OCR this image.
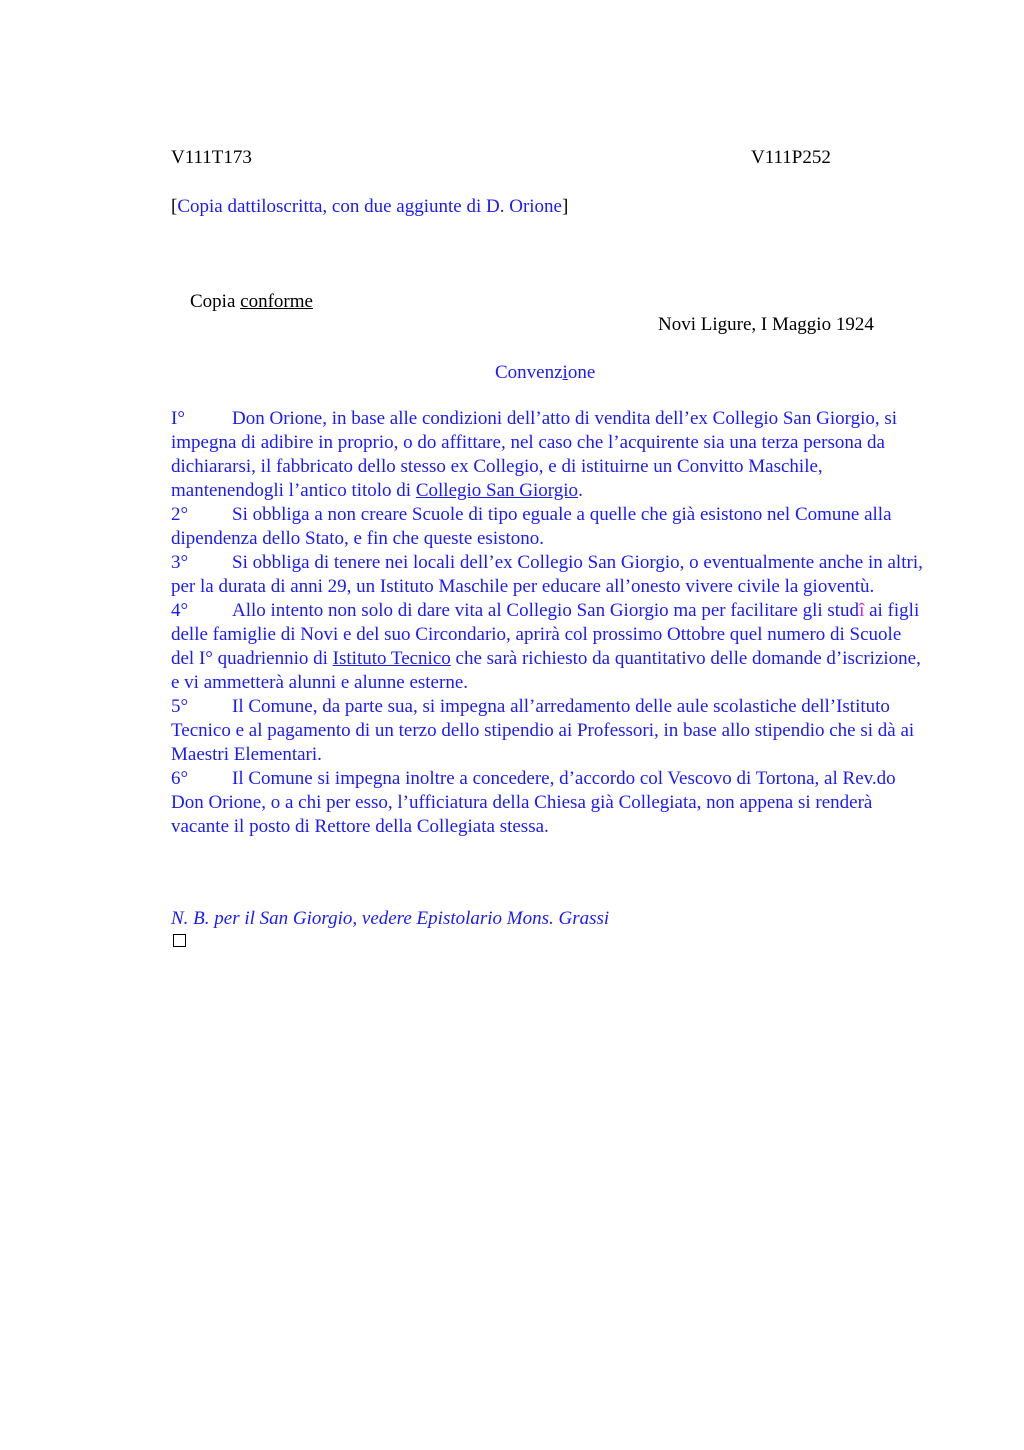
V111T173	V111P252
[Copia dattiloscritta, con due aggiunte di D. Orione]

Copia conforme

Novi Ligure, I Maggio 1924
Convenzione

I° Don Orione, in base alle condizioni dell’atto di vendita dell’ex Collegio San Giorgio, si impegna di adibire in proprio, o do affittare, nel caso che l’acquirente sia una terza persona da dichiararsi, il fabbricato dello stesso ex Collegio, e di istituirne un Convitto Maschile, mantenendogli l’antico titolo di Collegio San Giorgio.

2° Si obbliga a non creare Scuole di tipo eguale a quelle che già esistono nel Comune alla dipendenza dello Stato, e fin che queste esistono.

3° Si obbliga di tenere nei locali dell’ex Collegio San Giorgio, o eventualmente anche in altri, per la durata di anni 29, un Istituto Maschile per educare all’onesto vivere civile la gioventù.

4° Allo intento non solo di dare vita al Collegio San Giorgio ma per facilitare gli studî ai figli delle famiglie di Novi e del suo Circondario, aprirà col prossimo Ottobre quel numero di Scuole del I° quadriennio di Istituto Tecnico che sarà richiesto da quantitativo delle domande d’iscrizione, e vi ammetterà alunni e alunne esterne.

5° Il Comune, da parte sua, si impegna all’arredamento delle aule scolastiche dell’Istituto Tecnico e al pagamento di un terzo dello stipendio ai Professori, in base allo stipendio che si dà ai Maestri Elementari.

6° Il Comune si impegna inoltre a concedere, d’accordo col Vescovo di Tortona, al Rev.do Don Orione, o a chi per esso, l’ufficiatura della Chiesa già Collegiata, non appena si renderà vacante il posto di Rettore della Collegiata stessa.

N. B. per il San Giorgio, vedere Epistolario Mons. Grassi
